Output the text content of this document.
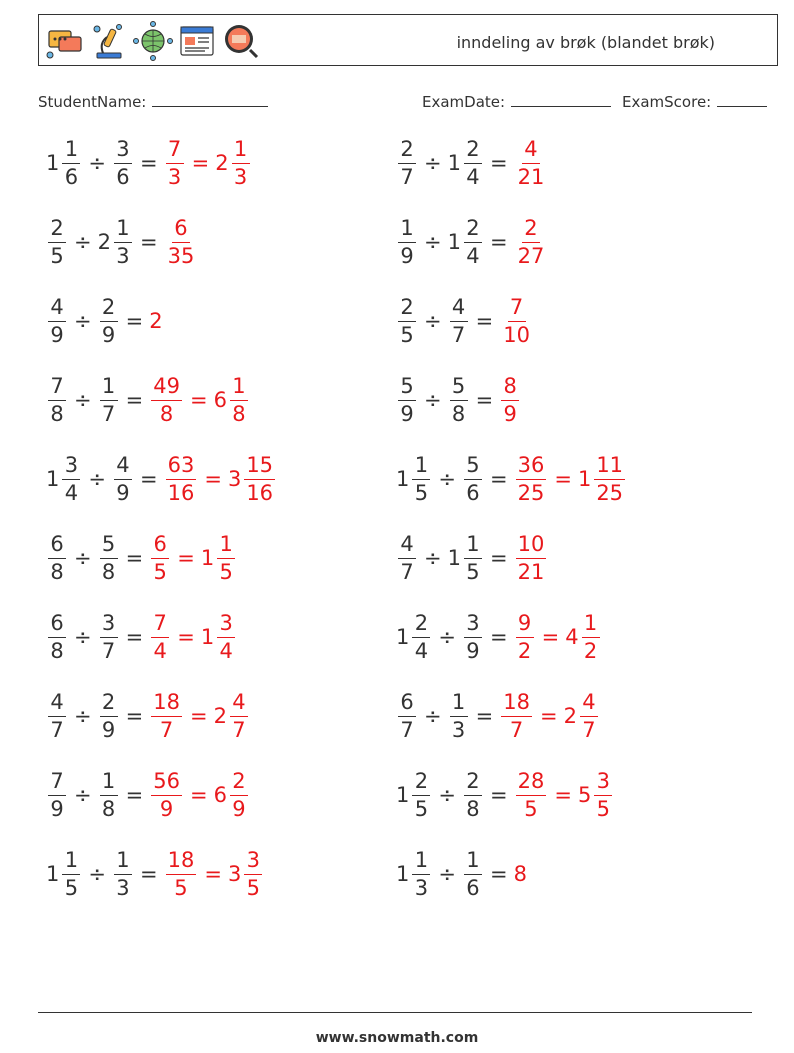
inndeling av brøk (blandet brøk)
StudentName:	ExamDate:	ExamScore:
$1 \frac{1}{6} \div \frac{3}{6} = \frac{7}{3} = 2 \frac{1}{3}$	$\frac{2}{7} \div 1 \frac{2}{4} = \frac{4}{21}$
$\frac{2}{5} \div 2 \frac{1}{3} = \frac{6}{35}$	$\frac{1}{9} \div 1 \frac{2}{4} = \frac{2}{27}$
$\frac{4}{9} \div \frac{2}{9} = 2$	$\frac{2}{5} \div \frac{4}{7} = \frac{7}{10}$
$\frac{7}{8} \div \frac{1}{7} = \frac{49}{8} = 6 \frac{1}{8}$	$\frac{5}{9} \div \frac{5}{8} = \frac{8}{9}$
$1 \frac{3}{4} \div \frac{4}{9} = \frac{63}{16} = 3 \frac{15}{16}$	$1 \frac{1}{5} \div \frac{5}{6} = \frac{36}{25} = 1 \frac{11}{25}$
$\frac{6}{8} \div \frac{5}{8} = \frac{6}{5} = 1 \frac{1}{5}$	$\frac{4}{7} \div 1 \frac{1}{5} = \frac{10}{21}$
$\frac{6}{8} \div \frac{3}{7} = \frac{7}{4} = 1 \frac{3}{4}$	$1 \frac{2}{4} \div \frac{3}{9} = \frac{9}{2} = 4 \frac{1}{2}$
$\frac{4}{7} \div \frac{2}{9} = \frac{18}{7} = 2 \frac{4}{7}$	$\frac{6}{7} \div \frac{1}{3} = \frac{18}{7} = 2 \frac{4}{7}$
$\frac{7}{9} \div \frac{1}{8} = \frac{56}{9} = 6 \frac{2}{9}$	$1 \frac{2}{5} \div \frac{2}{8} = \frac{28}{5} = 5 \frac{3}{5}$
$1 \frac{1}{5} \div \frac{1}{3} = \frac{18}{5} = 3 \frac{3}{5}$	$1 \frac{1}{3} \div \frac{1}{6} = 8$
www.snowmath.com
